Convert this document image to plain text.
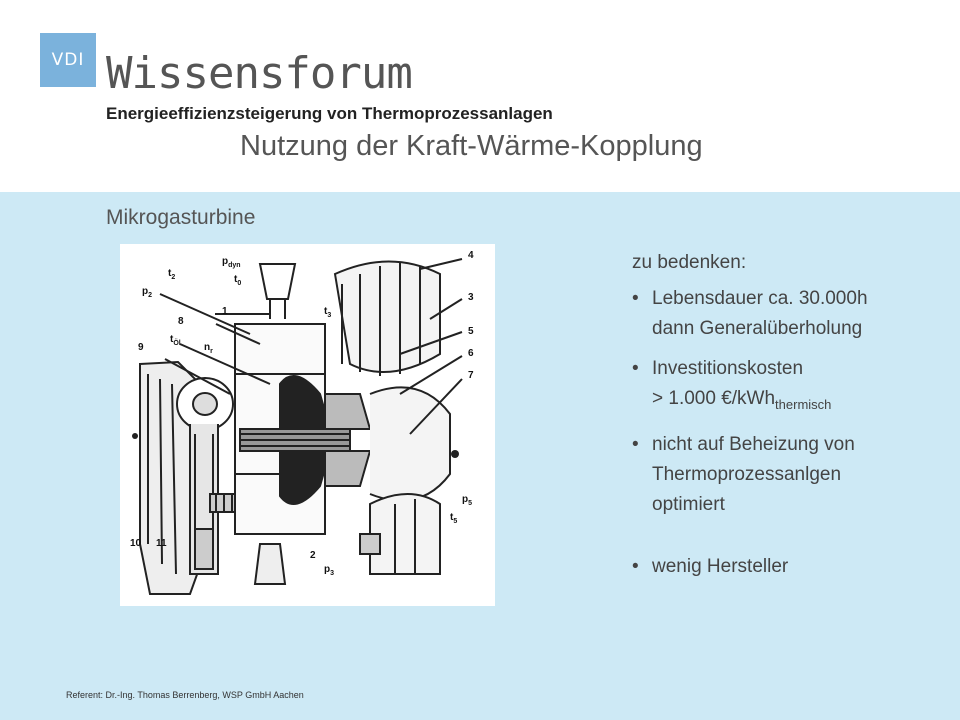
VDI Wissensforum
Energieeffizienzsteigerung von Thermoprozessanlagen
Nutzung der Kraft-Wärme-Kopplung
Mikrogasturbine
$t_2$
$p_{dyn}$
$t_0$
$p_2$
1
8
9
$t_{Öl}$ $n_r$
$t_3$
4
3
5
6
7
$p_5$
$t_5$
10 11
2
$p_3$
zu bedenken:
• Lebensdauer ca. 30.000h
dann Generalüberholung
• Investitionskosten
> 1.000 €/kWh$_{thermisch}$
• nicht auf Beheizung von
Thermoprozessanlgen
optimiert
• wenig Hersteller
Referent: Dr.-Ing. Thomas Berrenberg, WSP GmbH Aachen
